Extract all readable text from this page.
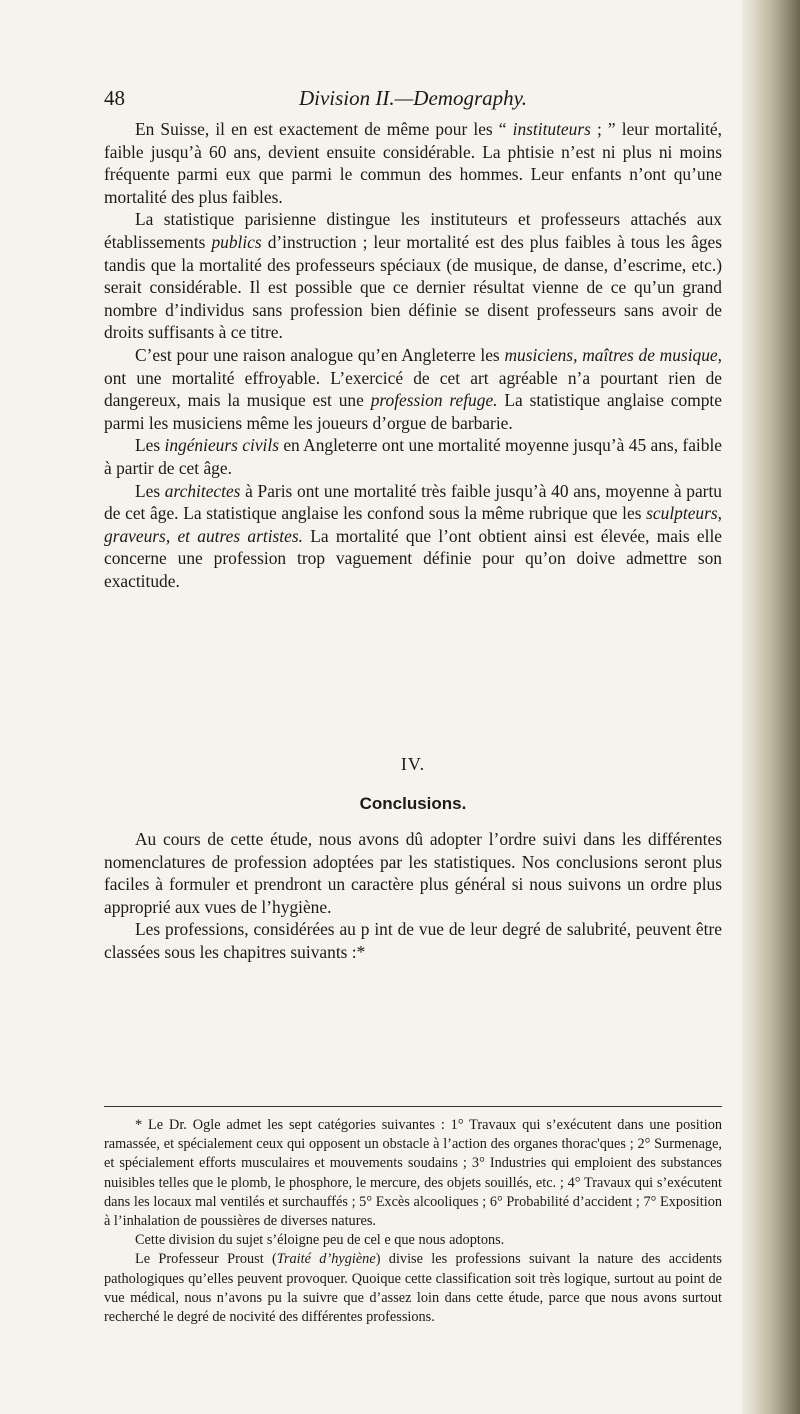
48	Division II.—Demography.

En Suisse, il en est exactement de même pour les “ instituteurs ; ” leur mortalité, faible jusqu’à 60 ans, devient ensuite considérable. La phtisie n’est ni plus ni moins fréquente parmi eux que parmi le commun des hommes. Leur enfants n’ont qu’une mortalité des plus faibles.

La statistique parisienne distingue les instituteurs et professeurs attachés aux établissements publics d’instruction ; leur mortalité est des plus faibles à tous les âges tandis que la mortalité des professeurs spéciaux (de musique, de danse, d’escrime, etc.) serait considérable. Il est possible que ce dernier résultat vienne de ce qu’un grand nombre d’individus sans profession bien définie se disent professeurs sans avoir de droits suffisants à ce titre.

C’est pour une raison analogue qu’en Angleterre les musiciens, maîtres de musique, ont une mortalité effroyable. L’exercicé de cet art agréable n’a pourtant rien de dangereux, mais la musique est une profession refuge. La statistique anglaise compte parmi les musiciens même les joueurs d’orgue de barbarie.

Les ingénieurs civils en Angleterre ont une mortalité moyenne jusqu’à 45 ans, faible à partir de cet âge.

Les architectes à Paris ont une mortalité très faible jusqu’à 40 ans, moyenne à partu de cet âge. La statistique anglaise les confond sous la même rubrique que les sculpteurs, graveurs, et autres artistes. La mortalité que l’ont obtient ainsi est élevée, mais elle concerne une profession trop vaguement définie pour qu’on doive admettre son exactitude.

IV.
Conclusions.

Au cours de cette étude, nous avons dû adopter l’ordre suivi dans les différentes nomenclatures de profession adoptées par les statistiques. Nos conclusions seront plus faciles à formuler et prendront un caractère plus général si nous suivons un ordre plus approprié aux vues de l’hygiène.

Les professions, considérées au p int de vue de leur degré de salubrité, peuvent être classées sous les chapitres suivants :*

* Le Dr. Ogle admet les sept catégories suivantes : 1° Travaux qui s’exécutent dans une position ramassée, et spécialement ceux qui opposent un obstacle à l’action des organes thorac'ques ; 2° Surmenage, et spécialement efforts musculaires et mouvements soudains ; 3° Industries qui emploient des substances nuisibles telles que le plomb, le phosphore, le mercure, des objets souillés, etc. ; 4° Travaux qui s’exécutent dans les locaux mal ventilés et surchauffés ; 5° Excès alcooliques ; 6° Probabilité d’accident ; 7° Exposition à l’inhalation de poussières de diverses natures.

Cette division du sujet s’éloigne peu de cel e que nous adoptons.

Le Professeur Proust (Traité d’hygiène) divise les professions suivant la nature des accidents pathologiques qu’elles peuvent provoquer. Quoique cette classification soit très logique, surtout au point de vue médical, nous n’avons pu la suivre que d’assez loin dans cette étude, parce que nous avons surtout recherché le degré de nocivité des différentes professions.
